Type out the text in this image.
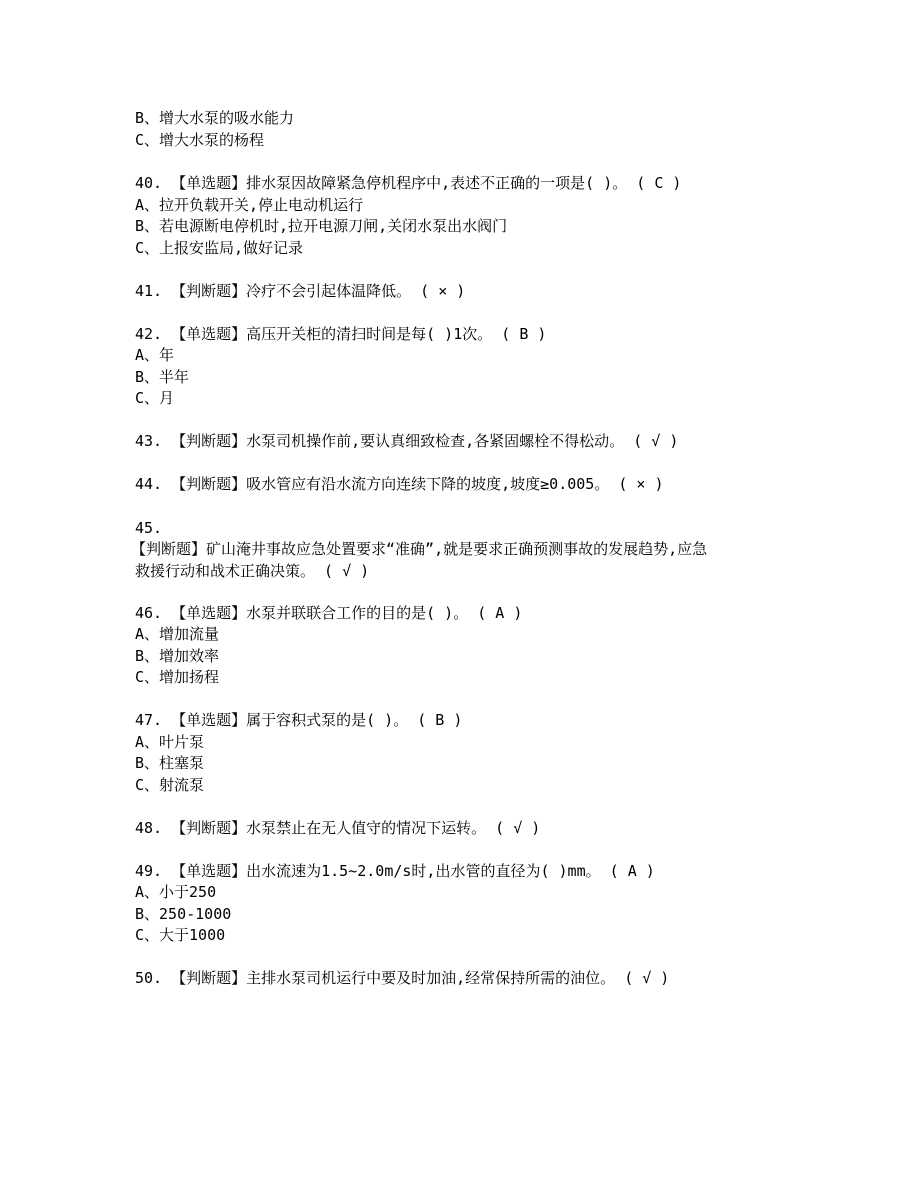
B、增大水泵的吸水能力
C、增大水泵的杨程
40. 【单选题】排水泵因故障紧急停机程序中,表述不正确的一项是( )。 ( C )
A、拉开负载开关,停止电动机运行
B、若电源断电停机时,拉开电源刀闸,关闭水泵出水阀门
C、上报安监局,做好记录
41. 【判断题】冷疗不会引起体温降低。 ( × )
42. 【单选题】高压开关柜的清扫时间是每( )1次。 ( B )
A、年
B、半年
C、月
43. 【判断题】水泵司机操作前,要认真细致检查,各紧固螺栓不得松动。 ( √ )
44. 【判断题】吸水管应有沿水流方向连续下降的坡度,坡度≥0.005。 ( × )
45.
【判断题】矿山淹井事故应急处置要求“准确”,就是要求正确预测事故的发展趋势,应急
救援行动和战术正确决策。 ( √ )
46. 【单选题】水泵并联联合工作的目的是( )。 ( A )
A、增加流量
B、增加效率
C、增加扬程
47. 【单选题】属于容积式泵的是( )。 ( B )
A、叶片泵
B、柱塞泵
C、射流泵
48. 【判断题】水泵禁止在无人值守的情况下运转。 ( √ )
49. 【单选题】出水流速为1.5~2.0m/s时,出水管的直径为( )mm。 ( A )
A、小于250
B、250-1000
C、大于1000
50. 【判断题】主排水泵司机运行中要及时加油,经常保持所需的油位。 ( √ )
